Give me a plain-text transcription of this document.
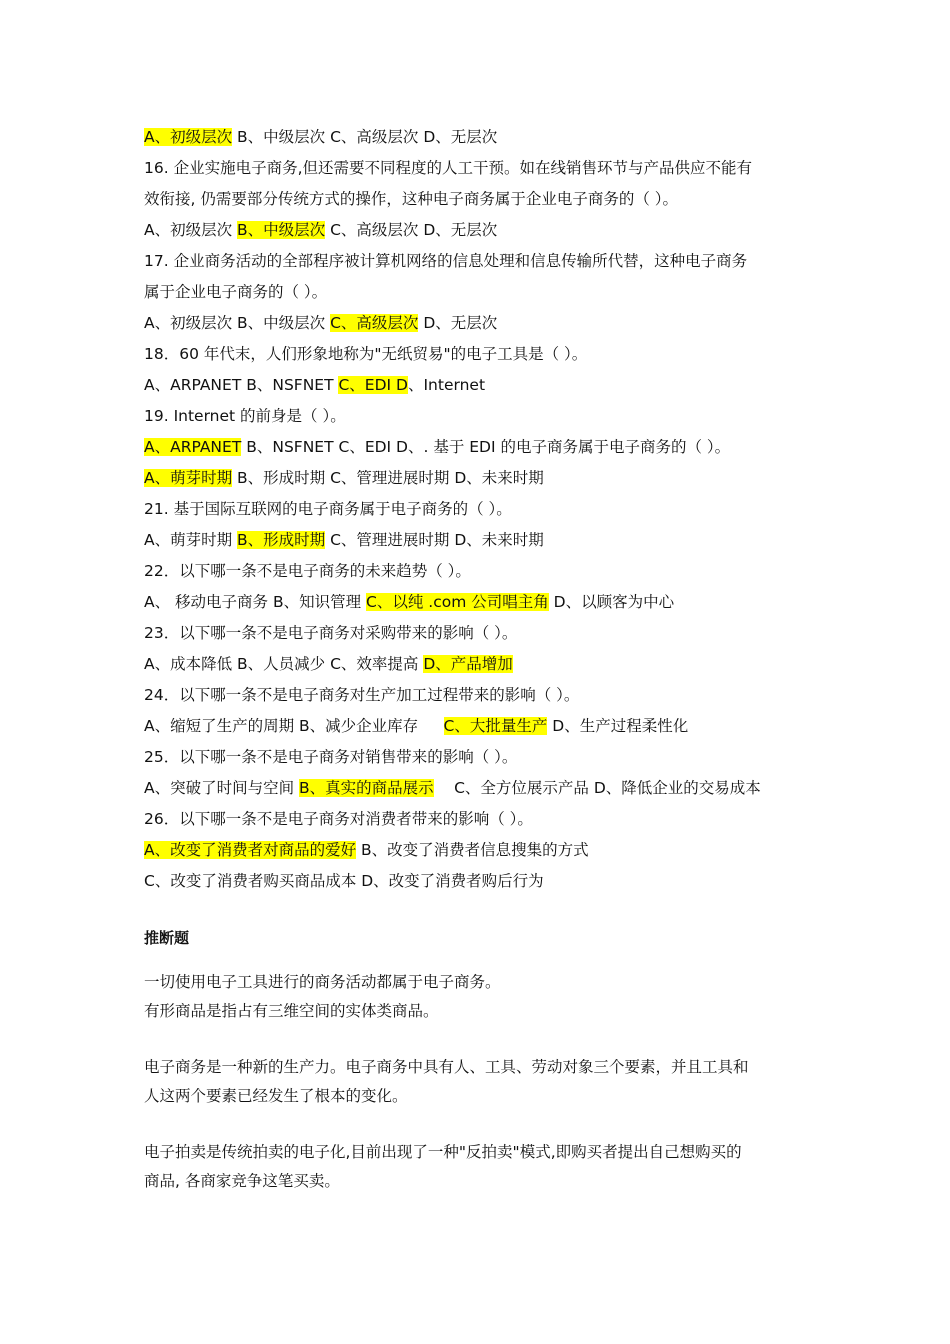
A、初级层次 B、中级层次 C、高级层次 D、无层次
16. 企业实施电子商务,但还需要不同程度的人工干预。如在线销售环节与产品供应不能有
效衔接, 仍需要部分传统方式的操作，这种电子商务属于企业电子商务的（ ）。
A、初级层次 B、中级层次 C、高级层次 D、无层次
17. 企业商务活动的全部程序被计算机网络的信息处理和信息传输所代替，这种电子商务
属于企业电子商务的（ ）。
A、初级层次 B、中级层次 C、高级层次 D、无层次
18．60 年代末，人们形象地称为"无纸贸易"的电子工具是（ ）。
A、ARPANET B、NSFNET C、EDI D、Internet
19. Internet 的前身是（ ）。
A、ARPANET B、NSFNET C、EDI D、. 基于 EDI 的电子商务属于电子商务的（ ）。
A、萌芽时期 B、形成时期 C、管理进展时期 D、未来时期
21. 基于国际互联网的电子商务属于电子商务的（ ）。
A、萌芽时期 B、形成时期 C、管理进展时期 D、未来时期
22．以下哪一条不是电子商务的未来趋势（ ）。
A、 移动电子商务 B、知识管理 C、以纯 .com 公司唱主角 D、以顾客为中心
23．以下哪一条不是电子商务对采购带来的影响（ ）。
A、成本降低 B、人员减少 C、效率提高 D、产品增加
24．以下哪一条不是电子商务对生产加工过程带来的影响（ ）。
A、缩短了生产的周期 B、减少企业库存 　 C、大批量生产 D、生产过程柔性化
25．以下哪一条不是电子商务对销售带来的影响（ ）。
A、突破了时间与空间 B、真实的商品展示 　C、全方位展示产品 D、降低企业的交易成本
26．以下哪一条不是电子商务对消费者带来的影响（ ）。
A、改变了消费者对商品的爱好 B、改变了消费者信息搜集的方式
C、改变了消费者购买商品成本 D、改变了消费者购后行为
推断题
一切使用电子工具进行的商务活动都属于电子商务。
有形商品是指占有三维空间的实体类商品。
电子商务是一种新的生产力。电子商务中具有人、工具、劳动对象三个要素，并且工具和
人这两个要素已经发生了根本的变化。
电子拍卖是传统拍卖的电子化,目前出现了一种"反拍卖"模式,即购买者提出自己想购买的
商品, 各商家竞争这笔买卖。
